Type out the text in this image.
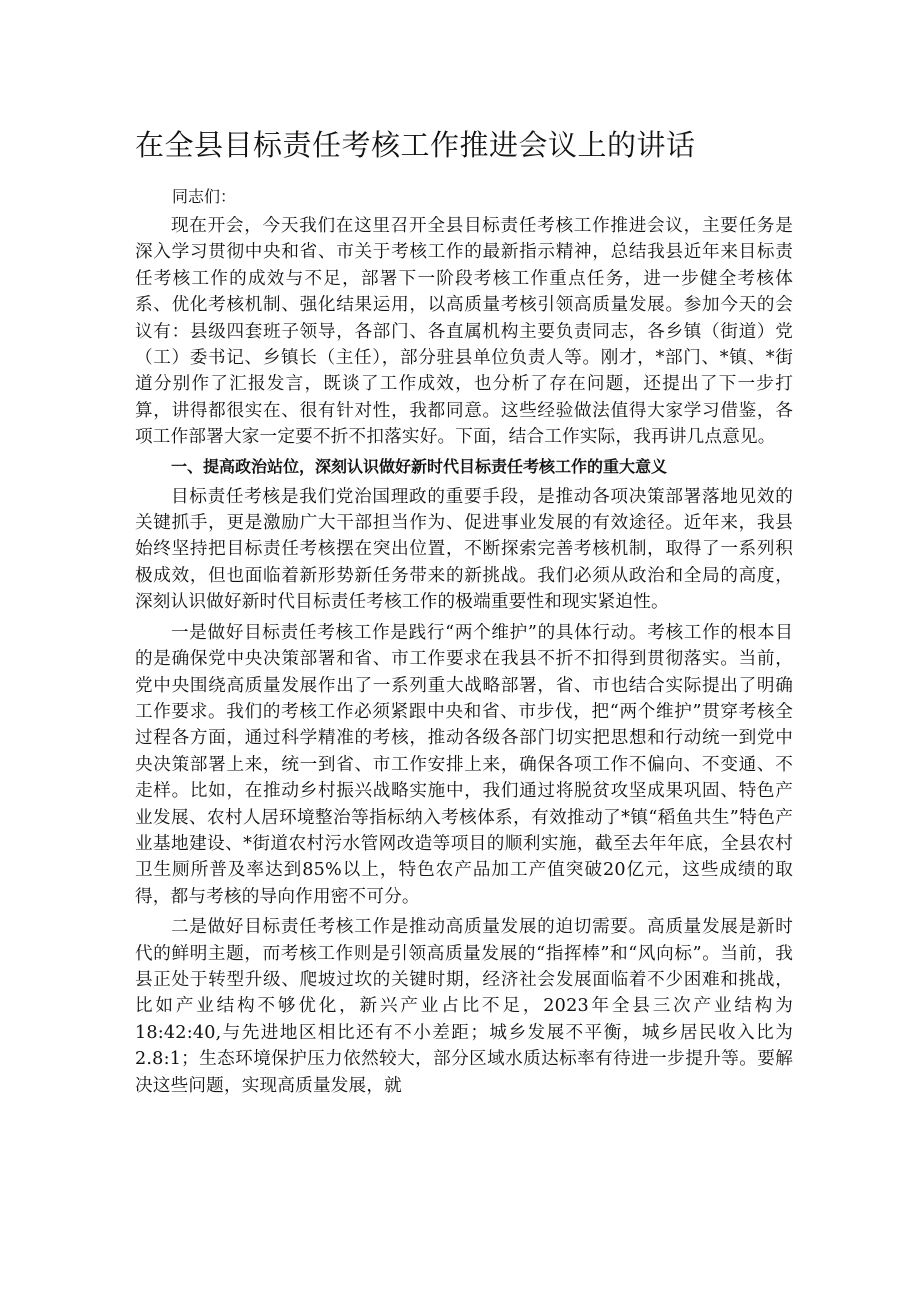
在全县目标责任考核工作推进会议上的讲话

同志们：

现在开会，今天我们在这里召开全县目标责任考核工作推进会议，主要任务是深入学习贯彻中央和省、市关于考核工作的最新指示精神，总结我县近年来目标责任考核工作的成效与不足，部署下一阶段考核工作重点任务，进一步健全考核体系、优化考核机制、强化结果运用，以高质量考核引领高质量发展。参加今天的会议有：县级四套班子领导，各部门、各直属机构主要负责同志，各乡镇（街道）党（工）委书记、乡镇长（主任），部分驻县单位负责人等。刚才，*部门、*镇、*街道分别作了汇报发言，既谈了工作成效，也分析了存在问题，还提出了下一步打算，讲得都很实在、很有针对性，我都同意。这些经验做法值得大家学习借鉴，各项工作部署大家一定要不折不扣落实好。下面，结合工作实际，我再讲几点意见。

一、提高政治站位，深刻认识做好新时代目标责任考核工作的重大意义

目标责任考核是我们党治国理政的重要手段，是推动各项决策部署落地见效的关键抓手，更是激励广大干部担当作为、促进事业发展的有效途径。近年来，我县始终坚持把目标责任考核摆在突出位置，不断探索完善考核机制，取得了一系列积极成效，但也面临着新形势新任务带来的新挑战。我们必须从政治和全局的高度，深刻认识做好新时代目标责任考核工作的极端重要性和现实紧迫性。

一是做好目标责任考核工作是践行“两个维护”的具体行动。考核工作的根本目的是确保党中央决策部署和省、市工作要求在我县不折不扣得到贯彻落实。当前，党中央围绕高质量发展作出了一系列重大战略部署，省、市也结合实际提出了明确工作要求。我们的考核工作必须紧跟中央和省、市步伐，把“两个维护”贯穿考核全过程各方面，通过科学精准的考核，推动各级各部门切实把思想和行动统一到党中央决策部署上来，统一到省、市工作安排上来，确保各项工作不偏向、不变通、不走样。比如，在推动乡村振兴战略实施中，我们通过将脱贫攻坚成果巩固、特色产业发展、农村人居环境整治等指标纳入考核体系，有效推动了*镇“稻鱼共生”特色产业基地建设、*街道农村污水管网改造等项目的顺利实施，截至去年年底，全县农村卫生厕所普及率达到85%以上，特色农产品加工产值突破20亿元，这些成绩的取得，都与考核的导向作用密不可分。

二是做好目标责任考核工作是推动高质量发展的迫切需要。高质量发展是新时代的鲜明主题，而考核工作则是引领高质量发展的“指挥棒”和“风向标”。当前，我县正处于转型升级、爬坡过坎的关键时期，经济社会发展面临着不少困难和挑战，比如产业结构不够优化，新兴产业占比不足，2023年全县三次产业结构为18:42:40,与先进地区相比还有不小差距；城乡发展不平衡，城乡居民收入比为2.8:1；生态环境保护压力依然较大，部分区域水质达标率有待进一步提升等。要解决这些问题，实现高质量发展，就
